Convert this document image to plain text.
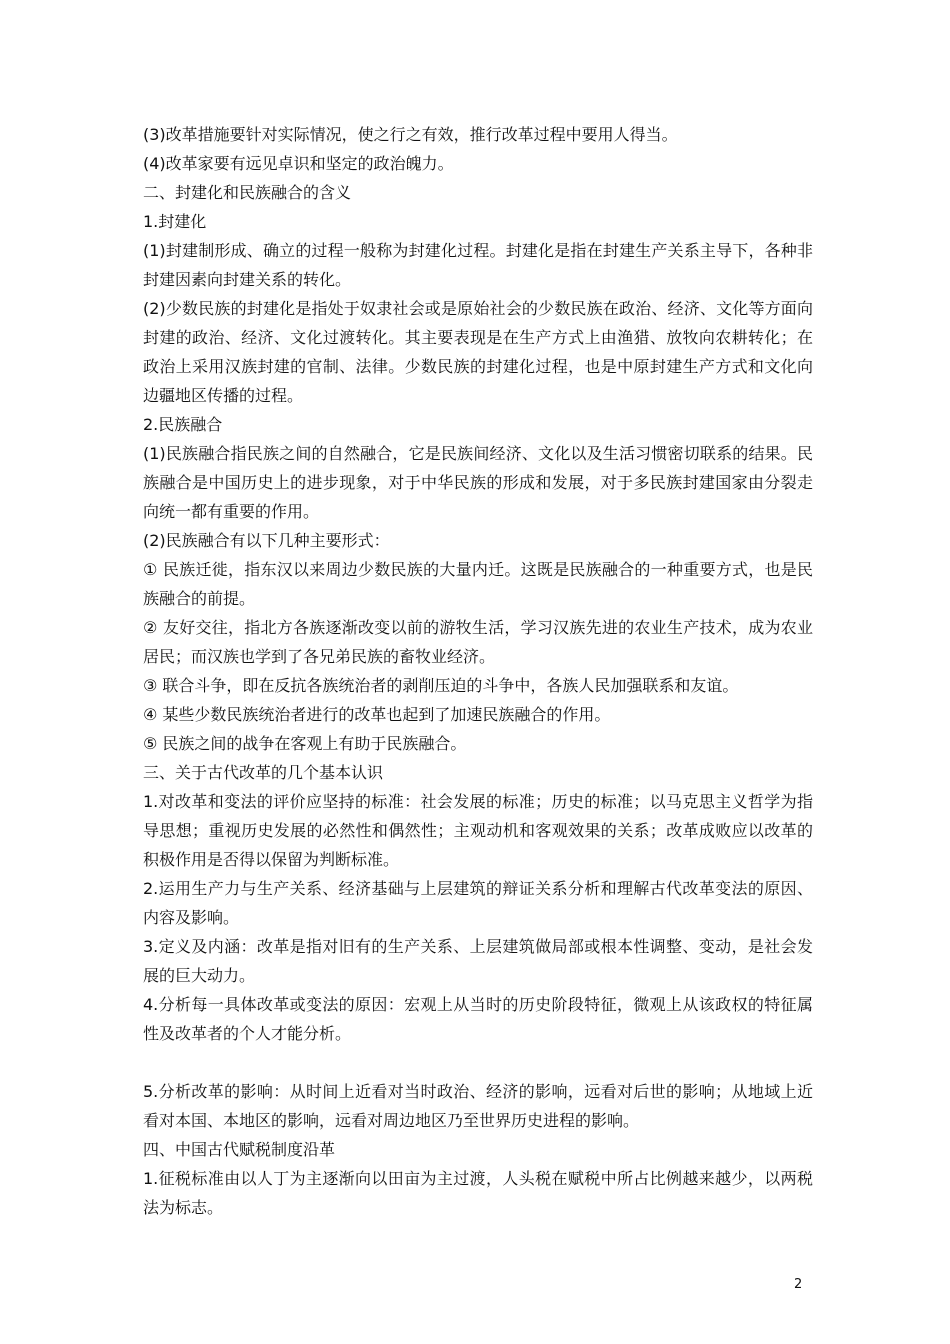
(3)改革措施要针对实际情况，使之行之有效，推行改革过程中要用人得当。

(4)改革家要有远见卓识和坚定的政治魄力。

二、封建化和民族融合的含义

1.封建化

(1)封建制形成、确立的过程一般称为封建化过程。封建化是指在封建生产关系主导下，各种非封建因素向封建关系的转化。

(2)少数民族的封建化是指处于奴隶社会或是原始社会的少数民族在政治、经济、文化等方面向封建的政治、经济、文化过渡转化。其主要表现是在生产方式上由渔猎、放牧向农耕转化；在政治上采用汉族封建的官制、法律。少数民族的封建化过程，也是中原封建生产方式和文化向边疆地区传播的过程。

2.民族融合

(1)民族融合指民族之间的自然融合，它是民族间经济、文化以及生活习惯密切联系的结果。民族融合是中国历史上的进步现象，对于中华民族的形成和发展，对于多民族封建国家由分裂走向统一都有重要的作用。

(2)民族融合有以下几种主要形式：

① 民族迁徙，指东汉以来周边少数民族的大量内迁。这既是民族融合的一种重要方式，也是民族融合的前提。

② 友好交往，指北方各族逐渐改变以前的游牧生活，学习汉族先进的农业生产技术，成为农业居民；而汉族也学到了各兄弟民族的畜牧业经济。

③ 联合斗争，即在反抗各族统治者的剥削压迫的斗争中，各族人民加强联系和友谊。

④ 某些少数民族统治者进行的改革也起到了加速民族融合的作用。

⑤ 民族之间的战争在客观上有助于民族融合。

三、关于古代改革的几个基本认识

1.对改革和变法的评价应坚持的标准：社会发展的标准；历史的标准；以马克思主义哲学为指导思想；重视历史发展的必然性和偶然性；主观动机和客观效果的关系；改革成败应以改革的积极作用是否得以保留为判断标准。

2.运用生产力与生产关系、经济基础与上层建筑的辩证关系分析和理解古代改革变法的原因、内容及影响。

3.定义及内涵：改革是指对旧有的生产关系、上层建筑做局部或根本性调整、变动，是社会发展的巨大动力。

4.分析每一具体改革或变法的原因：宏观上从当时的历史阶段特征，微观上从该政权的特征属性及改革者的个人才能分析。

5.分析改革的影响：从时间上近看对当时政治、经济的影响，远看对后世的影响；从地域上近看对本国、本地区的影响，远看对周边地区乃至世界历史进程的影响。

四、中国古代赋税制度沿革

1.征税标准由以人丁为主逐渐向以田亩为主过渡，人头税在赋税中所占比例越来越少，以两税法为标志。

2
